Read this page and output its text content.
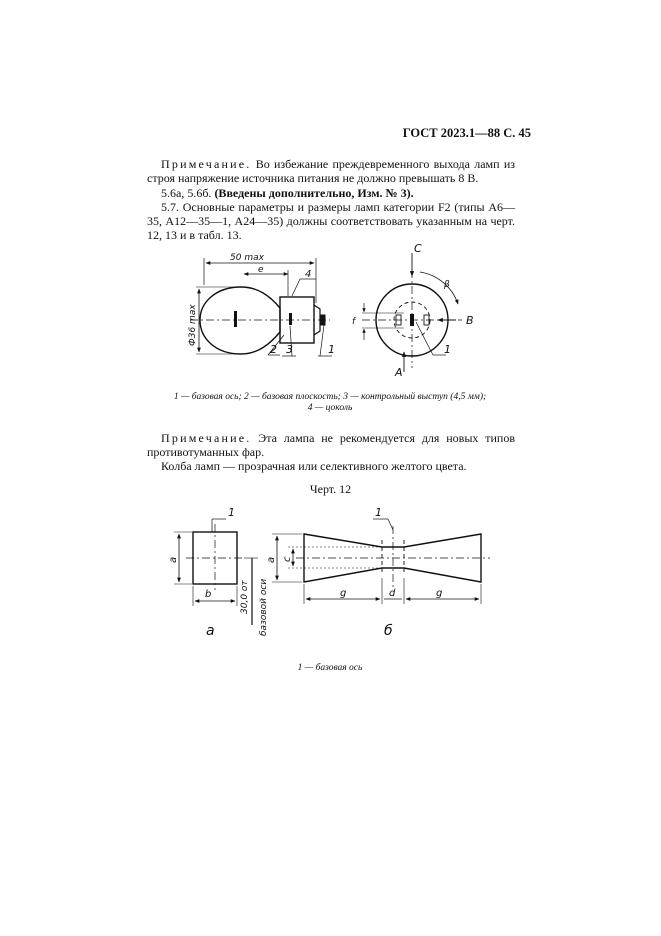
ГОСТ 2023.1—88 С. 45
Примечание. Во избежание преждевременного выхода ламп из строя напряжение источника питания не должно превышать 8 В.
5.6а, 5.6б. (Введены дополнительно, Изм. № 3).
5.7. Основные параметры и размеры ламп категории F2 (типы А6—35, А12—35—1, А24—35) должны соответствовать указанным на черт. 12, 13 и в табл. 13.
50 max
e
Ф36 max
4
2 3	1
C
A
B
β
f
1
a
b
1
30,0 от базовой оси
a c
1
g	d	g
а	б
1 — базовая ось; 2 — базовая плоскость; 3 — контрольный выступ (4,5 мм);
4 — цоколь
Примечание. Эта лампа не рекомендуется для новых типов противотуманных фар.
Колба ламп — прозрачная или селективного желтого цвета.
Черт. 12
1 — базовая ось
